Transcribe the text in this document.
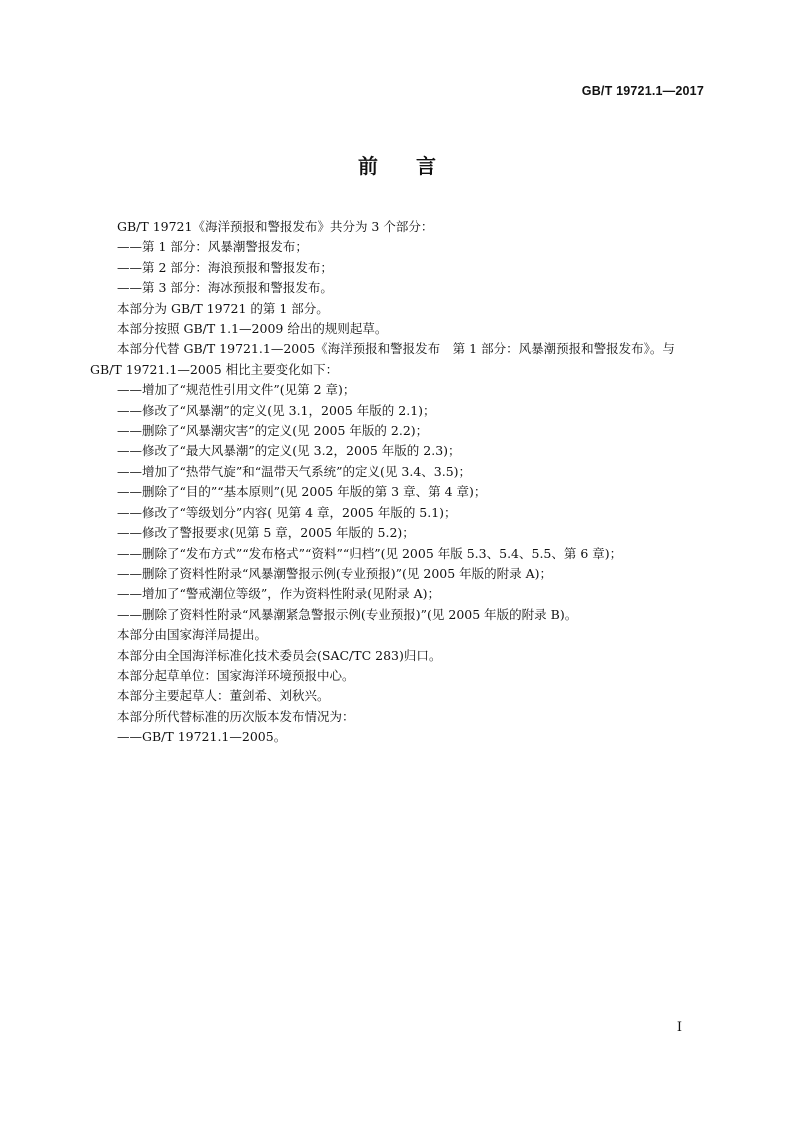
GB/T 19721.1—2017
前言

GB/T 19721《海洋预报和警报发布》共分为 3 个部分：

——第 1 部分：风暴潮警报发布；

——第 2 部分：海浪预报和警报发布；

——第 3 部分：海冰预报和警报发布。

本部分为 GB/T 19721 的第 1 部分。

本部分按照 GB/T 1.1—2009 给出的规则起草。

本部分代替 GB/T 19721.1—2005《海洋预报和警报发布　第 1 部分：风暴潮预报和警报发布》。与
GB/T 19721.1—2005 相比主要变化如下：

——增加了“规范性引用文件”(见第 2 章)；

——修改了“风暴潮”的定义(见 3.1，2005 年版的 2.1)；

——删除了“风暴潮灾害”的定义(见 2005 年版的 2.2)；

——修改了“最大风暴潮”的定义(见 3.2，2005 年版的 2.3)；

——增加了“热带气旋”和“温带天气系统”的定义(见 3.4、3.5)；

——删除了“目的”“基本原则”(见 2005 年版的第 3 章、第 4 章)；

——修改了“等级划分”内容( 见第 4 章，2005 年版的 5.1)；

——修改了警报要求(见第 5 章，2005 年版的 5.2)；

——删除了“发布方式”“发布格式”“资料”“归档”(见 2005 年版 5.3、5.4、5.5、第 6 章)；

——删除了资料性附录“风暴潮警报示例(专业预报)”(见 2005 年版的附录 A)；

——增加了“警戒潮位等级”，作为资料性附录(见附录 A)；

——删除了资料性附录“风暴潮紧急警报示例(专业预报)”(见 2005 年版的附录 B)。

本部分由国家海洋局提出。

本部分由全国海洋标准化技术委员会(SAC/TC 283)归口。

本部分起草单位：国家海洋环境预报中心。

本部分主要起草人：董剑希、刘秋兴。

本部分所代替标准的历次版本发布情况为：

——GB/T 19721.1—2005。

I
